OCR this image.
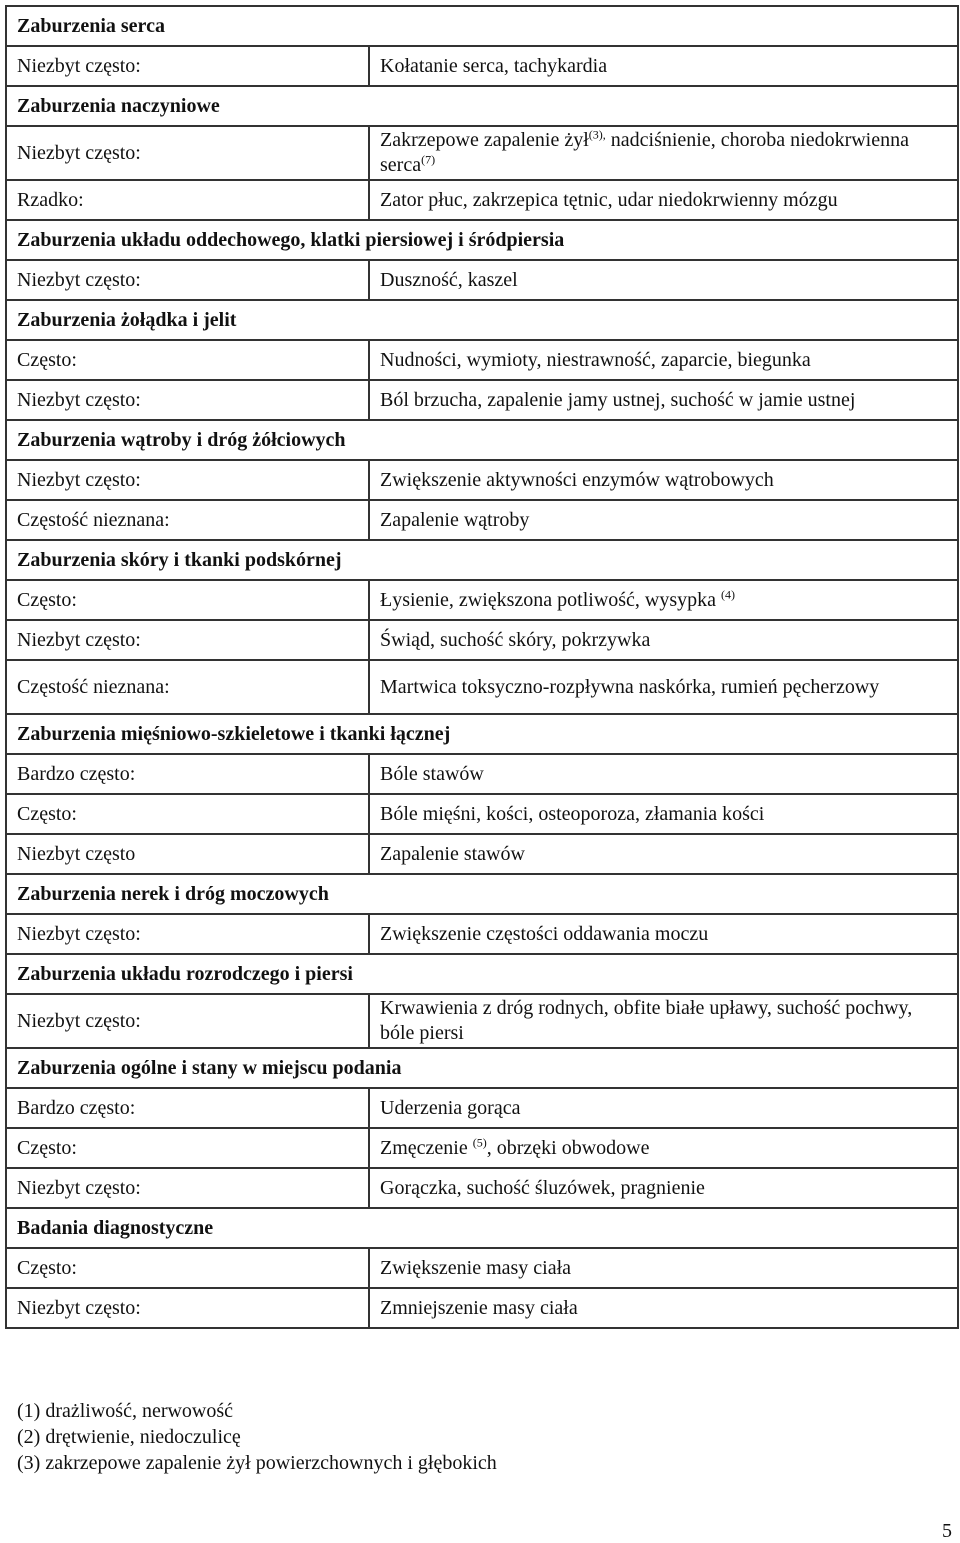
Zaburzenia serca	
Niezbyt często:	Kołatanie serca, tachykardia
Zaburzenia naczyniowe	
Niezbyt często:	Zakrzepowe zapalenie żył$^{(3),}$ nadciśnienie, choroba niedokrwienna serca$^{(7)}$
Rzadko:	Zator płuc, zakrzepica tętnic, udar niedokrwienny mózgu
Zaburzenia układu oddechowego, klatki piersiowej i śródpiersia	
Niezbyt często:	Duszność, kaszel
Zaburzenia żołądka i jelit	
Często:	Nudności, wymioty, niestrawność, zaparcie, biegunka
Niezbyt często:	Ból brzucha, zapalenie jamy ustnej, suchość w jamie ustnej
Zaburzenia wątroby i dróg żółciowych	
Niezbyt często:	Zwiększenie aktywności enzymów wątrobowych
Częstość nieznana:	Zapalenie wątroby
Zaburzenia skóry i tkanki podskórnej	
Często:	Łysienie, zwiększona potliwość, wysypka $^{(4)}$
Niezbyt często:	Świąd, suchość skóry, pokrzywka
Częstość nieznana:	Martwica toksyczno-rozpływna naskórka, rumień pęcherzowy
Zaburzenia mięśniowo-szkieletowe i tkanki łącznej	
Bardzo często:	Bóle stawów
Często:	Bóle mięśni, kości, osteoporoza, złamania kości
Niezbyt często	Zapalenie stawów
Zaburzenia nerek i dróg moczowych	
Niezbyt często:	Zwiększenie częstości oddawania moczu
Zaburzenia układu rozrodczego i piersi	
Niezbyt często:	Krwawienia z dróg rodnych, obfite białe upławy, suchość pochwy, bóle piersi
Zaburzenia ogólne i stany w miejscu podania	
Bardzo często:	Uderzenia gorąca
Często:	Zmęczenie $^{(5)}$, obrzęki obwodowe
Niezbyt często:	Gorączka, suchość śluzówek, pragnienie
Badania diagnostyczne	
Często:	Zwiększenie masy ciała
Niezbyt często:	Zmniejszenie masy ciała
(1) drażliwość, nerwowość
(2) drętwienie, niedoczulicę
(3) zakrzepowe zapalenie żył powierzchownych i głębokich
5
